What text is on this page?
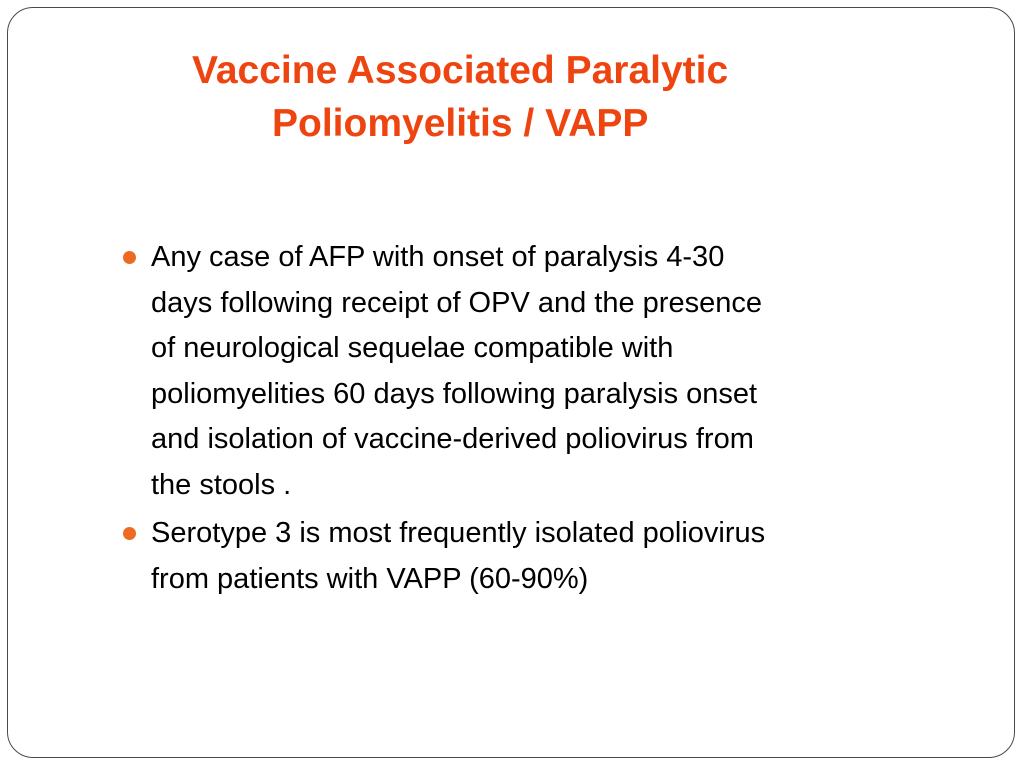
Vaccine Associated Paralytic
Poliomyelitis / VAPP
Any case of AFP with onset of paralysis 4-30
days following receipt of OPV and the presence
of neurological sequelae compatible with
poliomyelities 60 days following paralysis onset
and isolation of vaccine-derived poliovirus from
the stools .
Serotype 3 is most frequently isolated poliovirus
from patients with VAPP (60-90%)
